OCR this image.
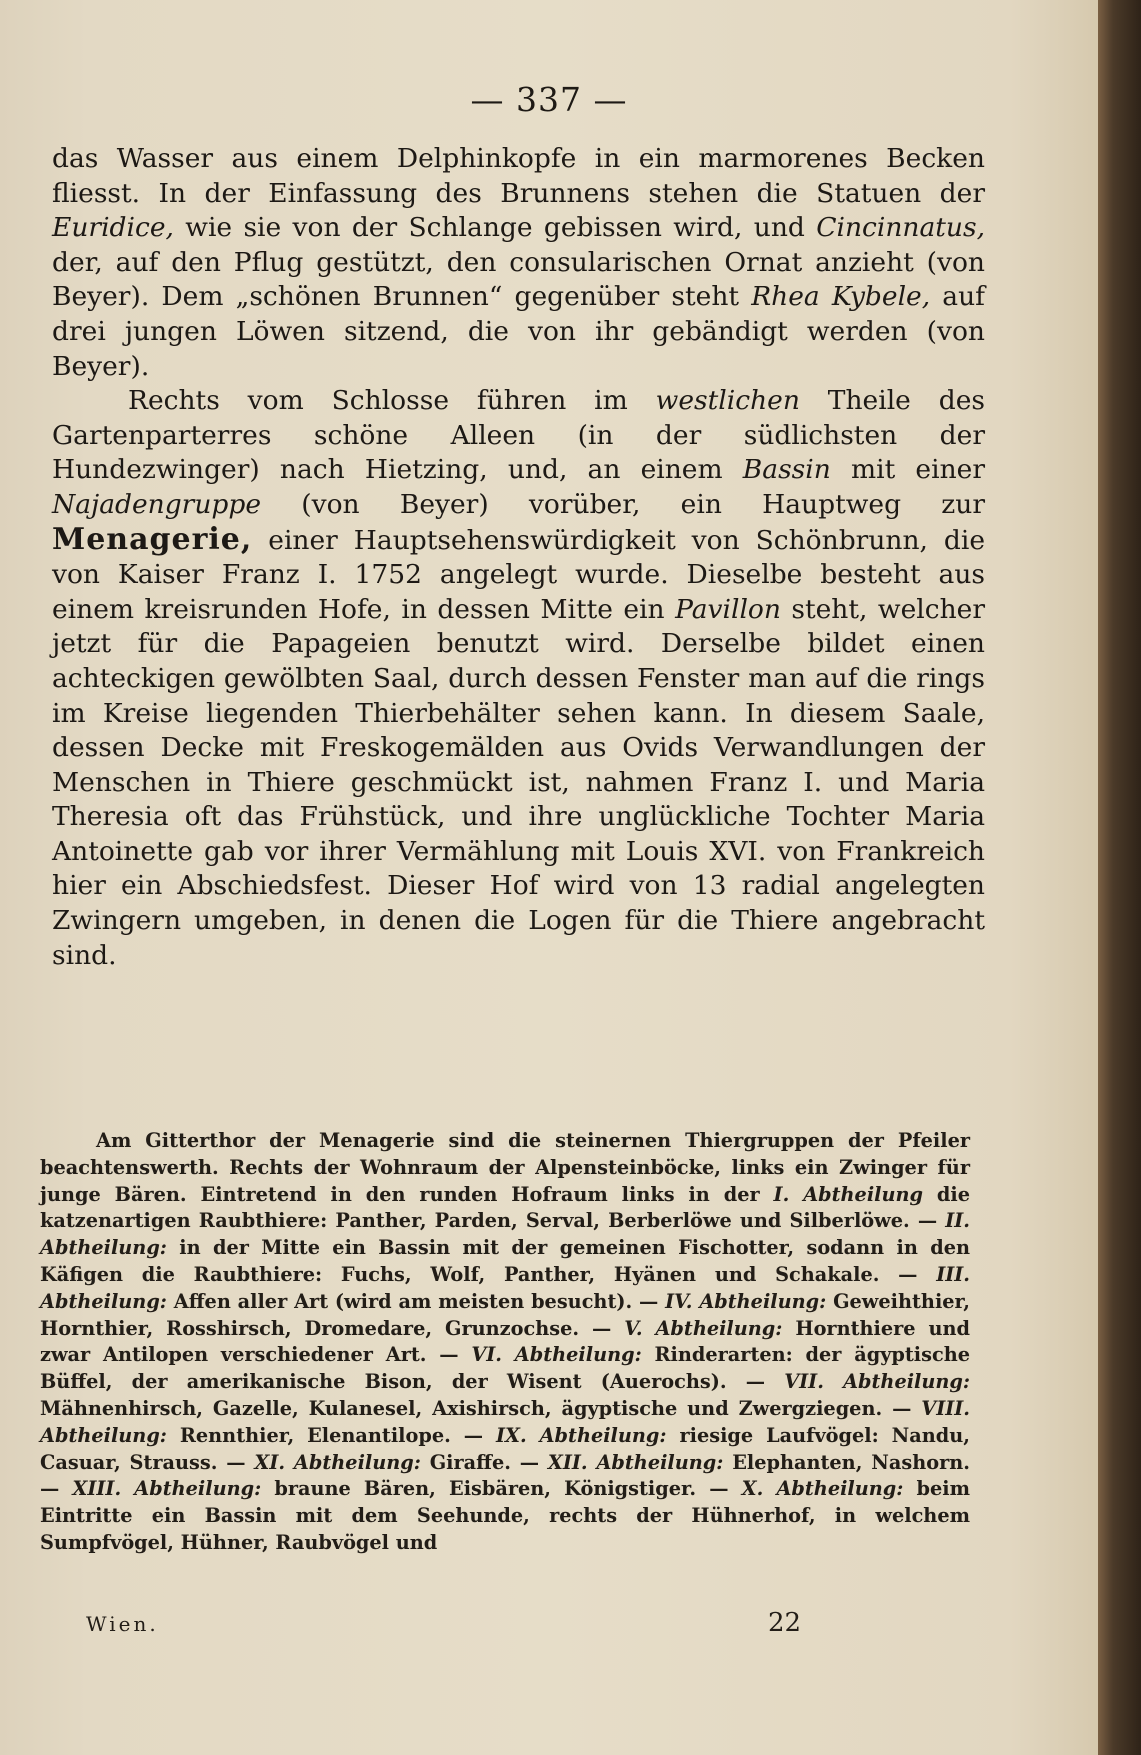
— 337 —

das Wasser aus einem Delphinkopfe in ein marmorenes Becken fliesst. In der Einfassung des Brunnens stehen die Statuen der Euridice, wie sie von der Schlange gebissen wird, und Cincinnatus, der, auf den Pflug gestützt, den consularischen Ornat anzieht (von Beyer). Dem „schönen Brunnen“ gegenüber steht Rhea Kybele, auf drei jungen Löwen sitzend, die von ihr gebändigt werden (von Beyer).

Rechts vom Schlosse führen im westlichen Theile des Gartenparterres schöne Alleen (in der südlichsten der Hundezwinger) nach Hietzing, und, an einem Bassin mit einer Najadengruppe (von Beyer) vorüber, ein Hauptweg zur Menagerie, einer Hauptsehenswürdigkeit von Schönbrunn, die von Kaiser Franz I. 1752 angelegt wurde. Dieselbe besteht aus einem kreisrunden Hofe, in dessen Mitte ein Pavillon steht, welcher jetzt für die Papageien benutzt wird. Derselbe bildet einen achteckigen gewölbten Saal, durch dessen Fenster man auf die rings im Kreise liegenden Thierbehälter sehen kann. In diesem Saale, dessen Decke mit Freskogemälden aus Ovids Verwandlungen der Menschen in Thiere geschmückt ist, nahmen Franz I. und Maria Theresia oft das Frühstück, und ihre unglückliche Tochter Maria Antoinette gab vor ihrer Vermählung mit Louis XVI. von Frankreich hier ein Abschiedsfest. Dieser Hof wird von 13 radial angelegten Zwingern umgeben, in denen die Logen für die Thiere angebracht sind.

Am Gitterthor der Menagerie sind die steinernen Thiergruppen der Pfeiler beachtenswerth. Rechts der Wohnraum der Alpensteinböcke, links ein Zwinger für junge Bären. Eintretend in den runden Hofraum links in der I. Abtheilung die katzenartigen Raubthiere: Panther, Parden, Serval, Berberlöwe und Silberlöwe. — II. Abtheilung: in der Mitte ein Bassin mit der gemeinen Fischotter, sodann in den Käfigen die Raubthiere: Fuchs, Wolf, Panther, Hyänen und Schakale. — III. Abtheilung: Affen aller Art (wird am meisten besucht). — IV. Abtheilung: Geweihthier, Hornthier, Rosshirsch, Dromedare, Grunzochse. — V. Abtheilung: Hornthiere und zwar Antilopen verschiedener Art. — VI. Abtheilung: Rinderarten: der ägyptische Büffel, der amerikanische Bison, der Wisent (Auerochs). — VII. Abtheilung: Mähnenhirsch, Gazelle, Kulanesel, Axishirsch, ägyptische und Zwergziegen. — VIII. Abtheilung: Rennthier, Elenantilope. — IX. Abtheilung: riesige Laufvögel: Nandu, Casuar, Strauss. — XI. Abtheilung: Giraffe. — XII. Abtheilung: Elephanten, Nashorn. — XIII. Abtheilung: braune Bären, Eisbären, Königstiger. — X. Abtheilung: beim Eintritte ein Bassin mit dem Seehunde, rechts der Hühnerhof, in welchem Sumpfvögel, Hühner, Raubvögel und

Wien.	22
